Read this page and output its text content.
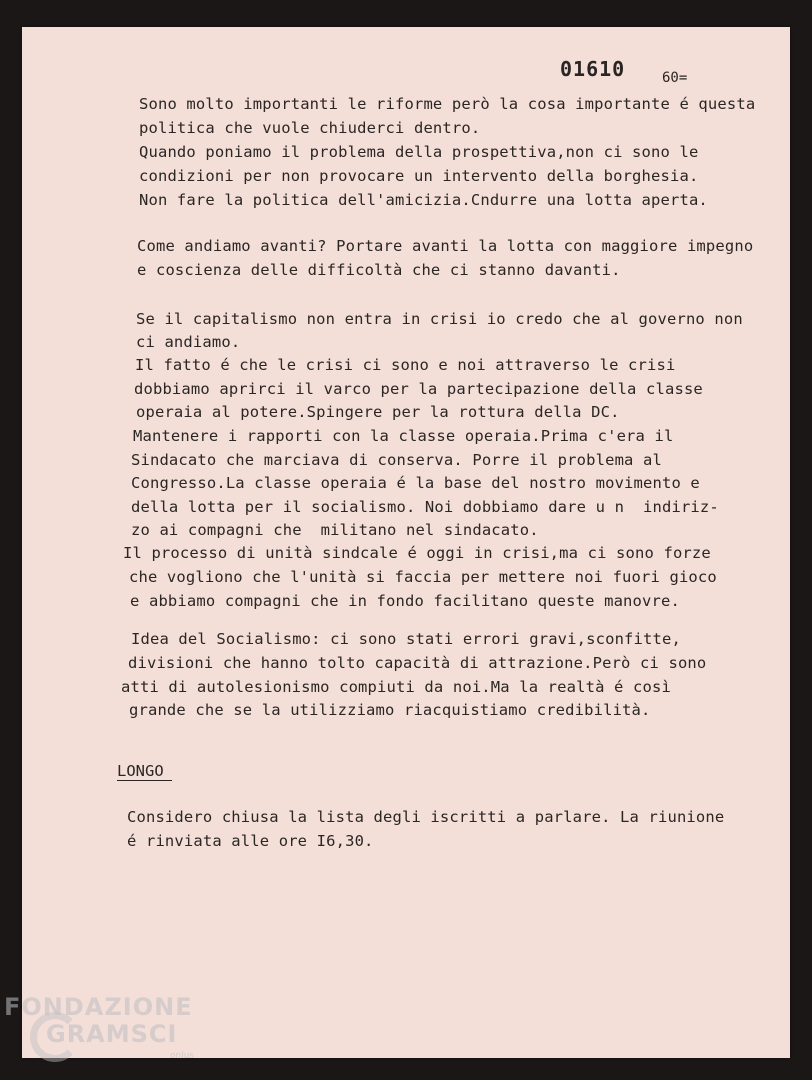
01610	60=
Sono molto importanti le riforme però la cosa importante é questa
politica che vuole chiuderci dentro.
Quando poniamo il problema della prospettiva,non ci sono le
condizioni per non provocare un intervento della borghesia.
Non fare la politica dell'amicizia.Cndurre una lotta aperta.
Come andiamo avanti? Portare avanti la lotta con maggiore impegno
e coscienza delle difficoltà che ci stanno davanti.
Se il capitalismo non entra in crisi io credo che al governo non
ci andiamo.
Il fatto é che le crisi ci sono e noi attraverso le crisi
dobbiamo aprirci il varco per la partecipazione della classe
operaia al potere.Spingere per la rottura della DC.
Mantenere i rapporti con la classe operaia.Prima c'era il
Sindacato che marciava di conserva. Porre il problema al
Congresso.La classe operaia é la base del nostro movimento e
della lotta per il socialismo. Noi dobbiamo dare u n  indiriz-
zo ai compagni che  militano nel sindacato.
Il processo di unità sindcale é oggi in crisi,ma ci sono forze
che vogliono che l'unità si faccia per mettere noi fuori gioco
e abbiamo compagni che in fondo facilitano queste manovre.
Idea del Socialismo: ci sono stati errori gravi,sconfitte,
divisioni che hanno tolto capacità di attrazione.Però ci sono
atti di autolesionismo compiuti da noi.Ma la realtà é così
grande che se la utilizziamo riacquistiamo credibilità.
LONGO
Considero chiusa la lista degli iscritti a parlare. La riunione
é rinviata alle ore I6,30.
FONDAZIONE
GRAMSCI
onlus
